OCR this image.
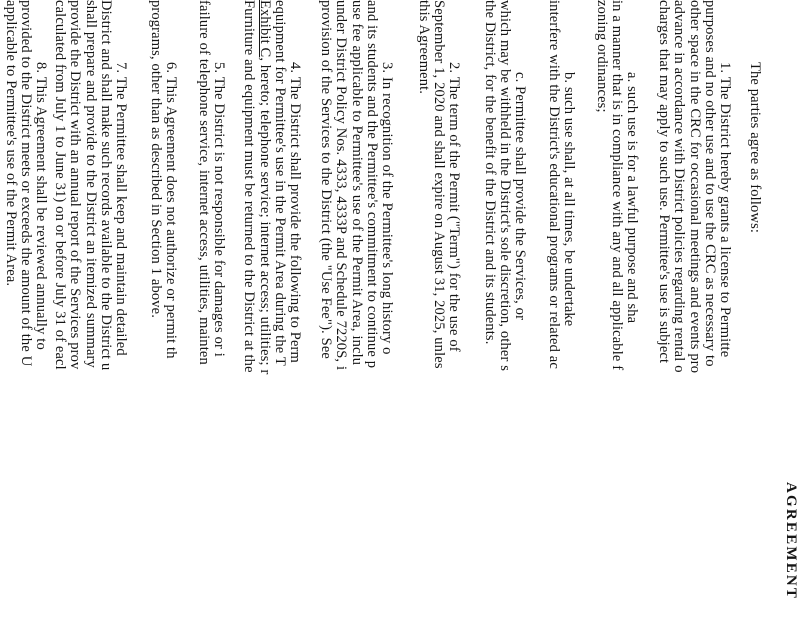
AGREEMENT
The parties agree as follows:
1. The District hereby grants a license to Permitte
purposes and no other use and to use the CRC as necessary to
other space in the CRC for occasional meetings and events pro
advance in accordance with District policies regarding rental o
charges that may apply to such use. Permittee's use is subject
a. such use is for a lawful purpose and sha
in a manner that is in compliance with any and all applicable f
zoning ordinances;
b. such use shall, at all times, be undertake
interfere with the District's educational programs or related ac
c. Permittee shall provide the Services, or
which may be withheld in the District's sole discretion, other s
the District, for the benefit of the District and its students.
2. The term of the Permit ("Term") for the use of
September 1, 2020 and shall expire on August 31, 2025, unles
this Agreement.
3. In recognition of the Permittee's long history o
and its students and the Permittee's commitment to continue p
use fee applicable to Permittee's use of the Permit Area, inclu
under District Policy Nos. 4333, 4333P and Schedule 7220S, i
provision of the Services to the District (the "Use Fee"). See
4. The District shall provide the following to Perm
equipment for Permittee's use in the Permit Area during the T
Exhibit C, hereto; telephone service; internet access; utilities; r
Furniture and equipment must be returned to the District at the
5. The District is not responsible for damages or i
failure of telephone service, internet access, utilities, mainten
6. This Agreement does not authorize or permit th
programs, other than as described in Section 1 above.
7. The Permittee shall keep and maintain detailed
District and shall make such records available to the District u
shall prepare and provide to the District an itemized summary
provide the District with an annual report of the Services prov
calculated from July 1 to June 31) on or before July 31 of eacl
8. This Agreement shall be reviewed annually to
provided to the District meets or exceeds the amount of the U
applicable to Permittee's use of the Permit Area.
